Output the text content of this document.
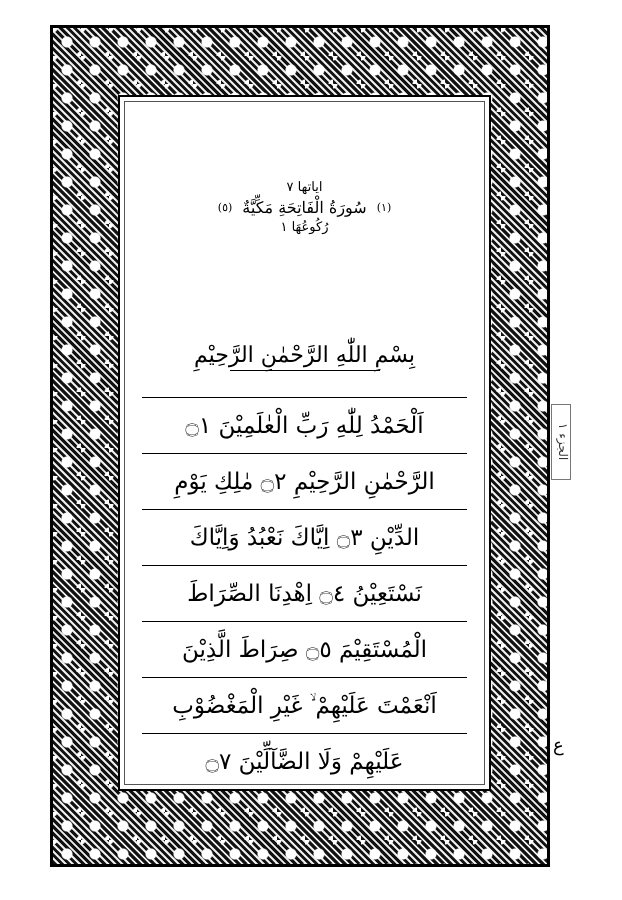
اياتها ٧
(١)
سُورَةُ الْفَاتِحَةِ مَكِّيَّةٌ
(٥)
رُكُوعُهَا ١
بِسْمِ اللّٰهِ الرَّحْمٰنِ الرَّحِيْمِ
اَلْحَمْدُ لِلّٰهِ رَبِّ الْعٰلَمِيْنَ ۝١
الرَّحْمٰنِ الرَّحِيْمِ ۝٢ مٰلِكِ يَوْمِ
الدِّيْنِ ۝٣ اِيَّاكَ نَعْبُدُ وَاِيَّاكَ
نَسْتَعِيْنُ ۝٤ اِهْدِنَا الصِّرَاطَ
الْمُسْتَقِيْمَ ۝٥ صِرَاطَ الَّذِيْنَ
اَنْعَمْتَ عَلَيْهِمْ ۙ غَيْرِ الْمَغْضُوْبِ
عَلَيْهِمْ وَلَا الضَّآلِّيْنَ ۝٧
الجزء ١
ع
